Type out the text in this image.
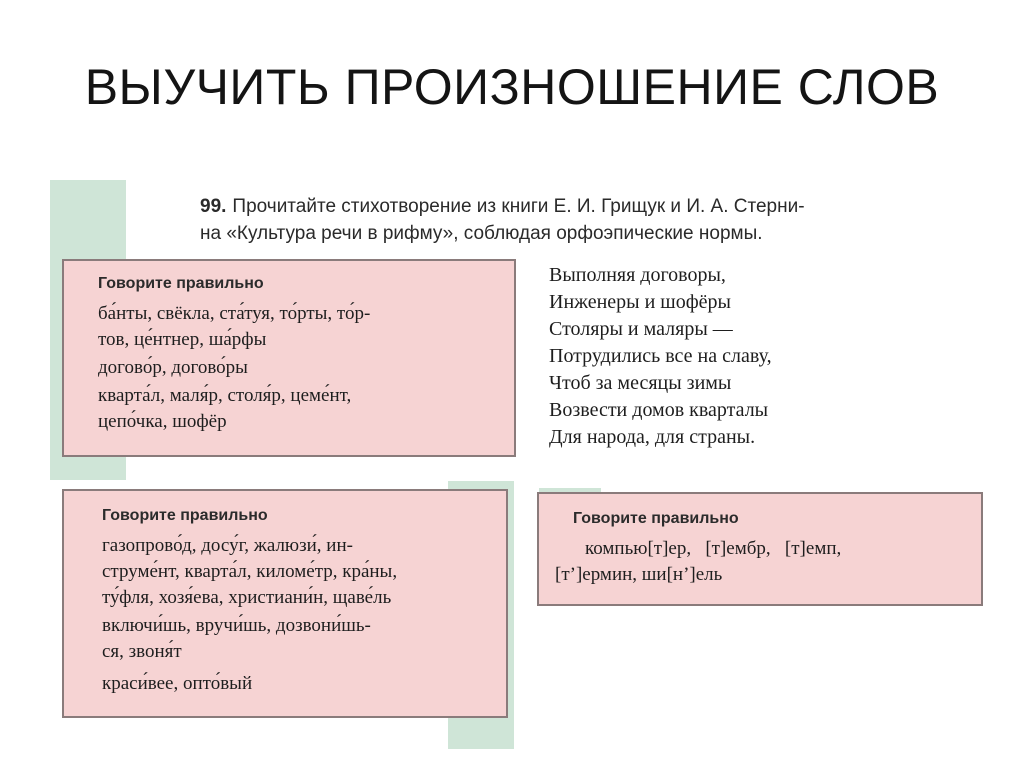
ВЫУЧИТЬ ПРОИЗНОШЕНИЕ СЛОВ
99. Прочитайте стихотворение из книги Е. И. Грищук и И. А. Стерни-
на «Культура речи в рифму», соблюдая орфоэпические нормы.
Говорите правильно
ба́нты, свёкла, ста́туя, то́рты, то́р-
тов, це́нтнер, ша́рфы
догово́р, догово́ры
кварта́л, маля́р, столя́р, цеме́нт,
цепо́чка, шофёр
Выполняя договоры,
Инженеры и шофёры
Столяры и маляры —
Потрудились все на славу,
Чтоб за месяцы зимы
Возвести домов кварталы
Для народа, для страны.
Говорите правильно
газопрово́д, досу́г, жалюзи́, ин-
струме́нт, кварта́л, киломе́тр, кра́ны,
ту́фля, хозя́ева, христиани́н, щаве́ль
включи́шь, вручи́шь, дозвони́шь-
ся, звоня́т
краси́вее, опто́вый
Говорите правильно
компью[т]ер,   [т]ембр,   [т]емп,
[т’]ермин, ши[н’]ель
